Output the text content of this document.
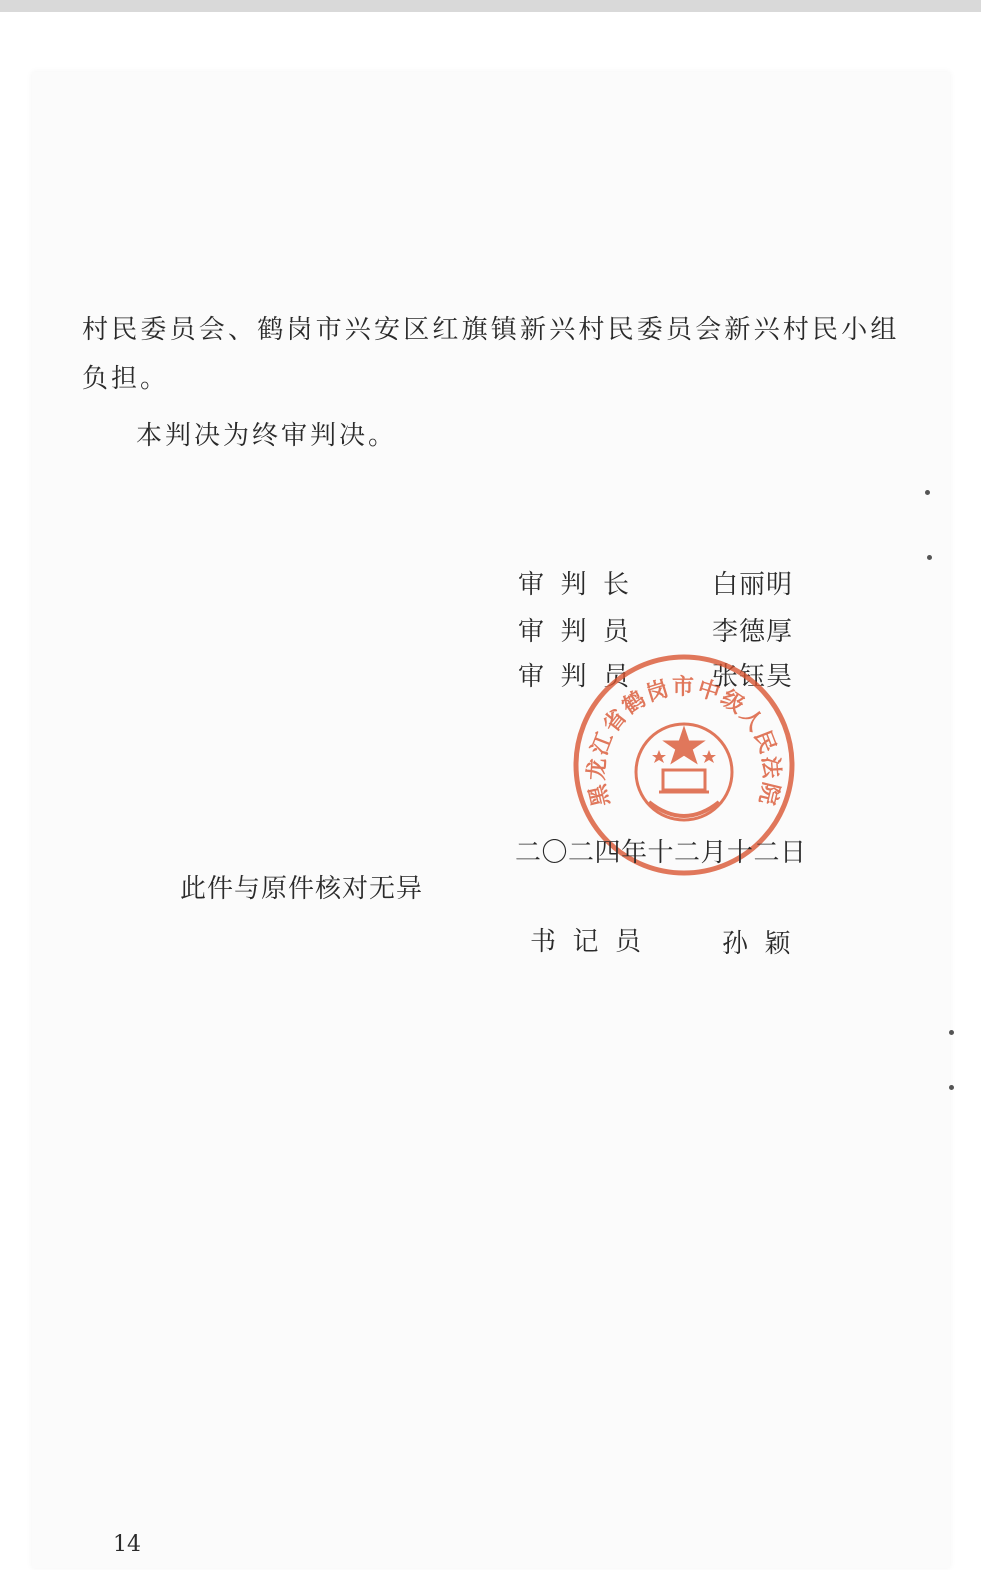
村民委员会、鹤岗市兴安区红旗镇新兴村民委员会新兴村民小组
负担。
本判决为终审判决。
审  判  长	白丽明
审  判  员	李德厚
审  判  员	张钰昊
黑龙江省鹤岗市中级人民法院
二〇二四年十二月十二日
此件与原件核对无异
书  记  员	孙  颖
14
